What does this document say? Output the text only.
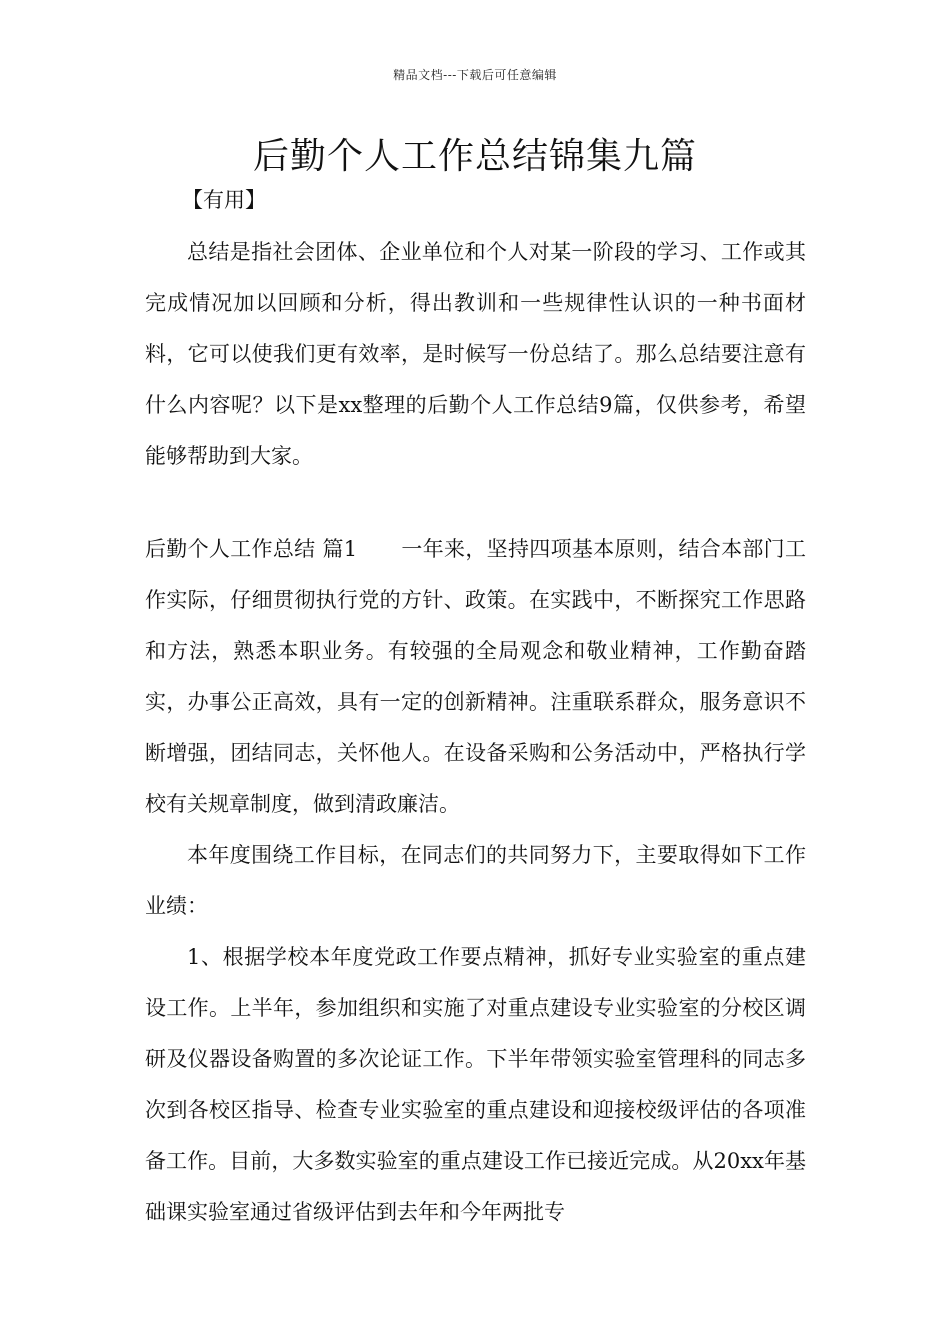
精品文档---下载后可任意编辑
后勤个人工作总结锦集九篇
【有用】

总结是指社会团体、企业单位和个人对某一阶段的学习、工作或其完成情况加以回顾和分析，得出教训和一些规律性认识的一种书面材料，它可以使我们更有效率，是时候写一份总结了。那么总结要注意有什么内容呢？以下是xx整理的后勤个人工作总结9篇，仅供参考，希望能够帮助到大家。

后勤个人工作总结 篇1 一年来，坚持四项基本原则，结合本部门工作实际，仔细贯彻执行党的方针、政策。在实践中，不断探究工作思路和方法，熟悉本职业务。有较强的全局观念和敬业精神，工作勤奋踏实，办事公正高效，具有一定的创新精神。注重联系群众，服务意识不断增强，团结同志，关怀他人。在设备采购和公务活动中，严格执行学校有关规章制度，做到清政廉洁。

本年度围绕工作目标，在同志们的共同努力下，主要取得如下工作业绩：

1、根据学校本年度党政工作要点精神，抓好专业实验室的重点建设工作。上半年，参加组织和实施了对重点建设专业实验室的分校区调研及仪器设备购置的多次论证工作。下半年带领实验室管理科的同志多次到各校区指导、检查专业实验室的重点建设和迎接校级评估的各项准备工作。目前，大多数实验室的重点建设工作已接近完成。从20xx年基础课实验室通过省级评估到去年和今年两批专
